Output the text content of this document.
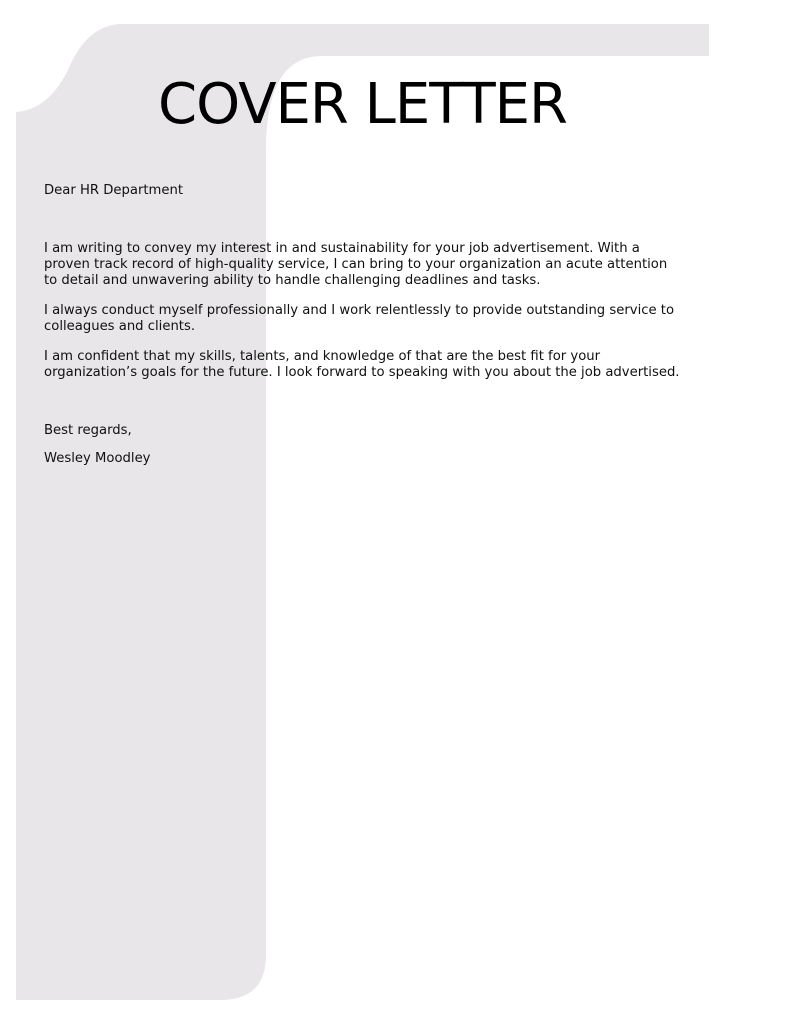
COVER LETTER

Dear HR Department

I am writing to convey my interest in and sustainability for your job advertisement. With a proven track record of high-quality service, I can bring to your organization an acute attention to detail and unwavering ability to handle challenging deadlines and tasks.

I always conduct myself professionally and I work relentlessly to provide outstanding service to colleagues and clients.

I am confident that my skills, talents, and knowledge of that are the best fit for your organization’s goals for the future. I look forward to speaking with you about the job advertised.

Best regards,

Wesley Moodley
